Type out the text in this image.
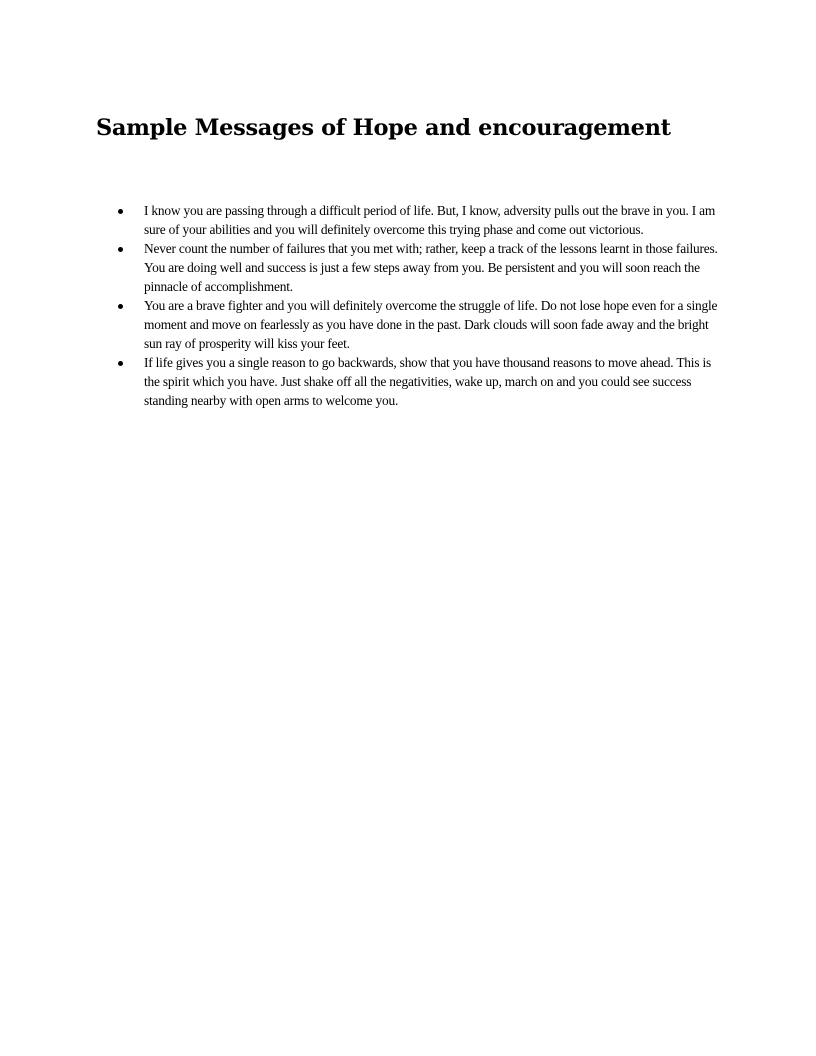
Sample Messages of Hope and encouragement
I know you are passing through a difficult period of life. But, I know, adversity pulls out the brave in you. I am sure of your abilities and you will definitely overcome this trying phase and come out victorious.
Never count the number of failures that you met with; rather, keep a track of the lessons learnt in those failures. You are doing well and success is just a few steps away from you. Be persistent and you will soon reach the pinnacle of accomplishment.
You are a brave fighter and you will definitely overcome the struggle of life. Do not lose hope even for a single moment and move on fearlessly as you have done in the past. Dark clouds will soon fade away and the bright sun ray of prosperity will kiss your feet.
If life gives you a single reason to go backwards, show that you have thousand reasons to move ahead. This is the spirit which you have. Just shake off all the negativities, wake up, march on and you could see success standing nearby with open arms to welcome you.
